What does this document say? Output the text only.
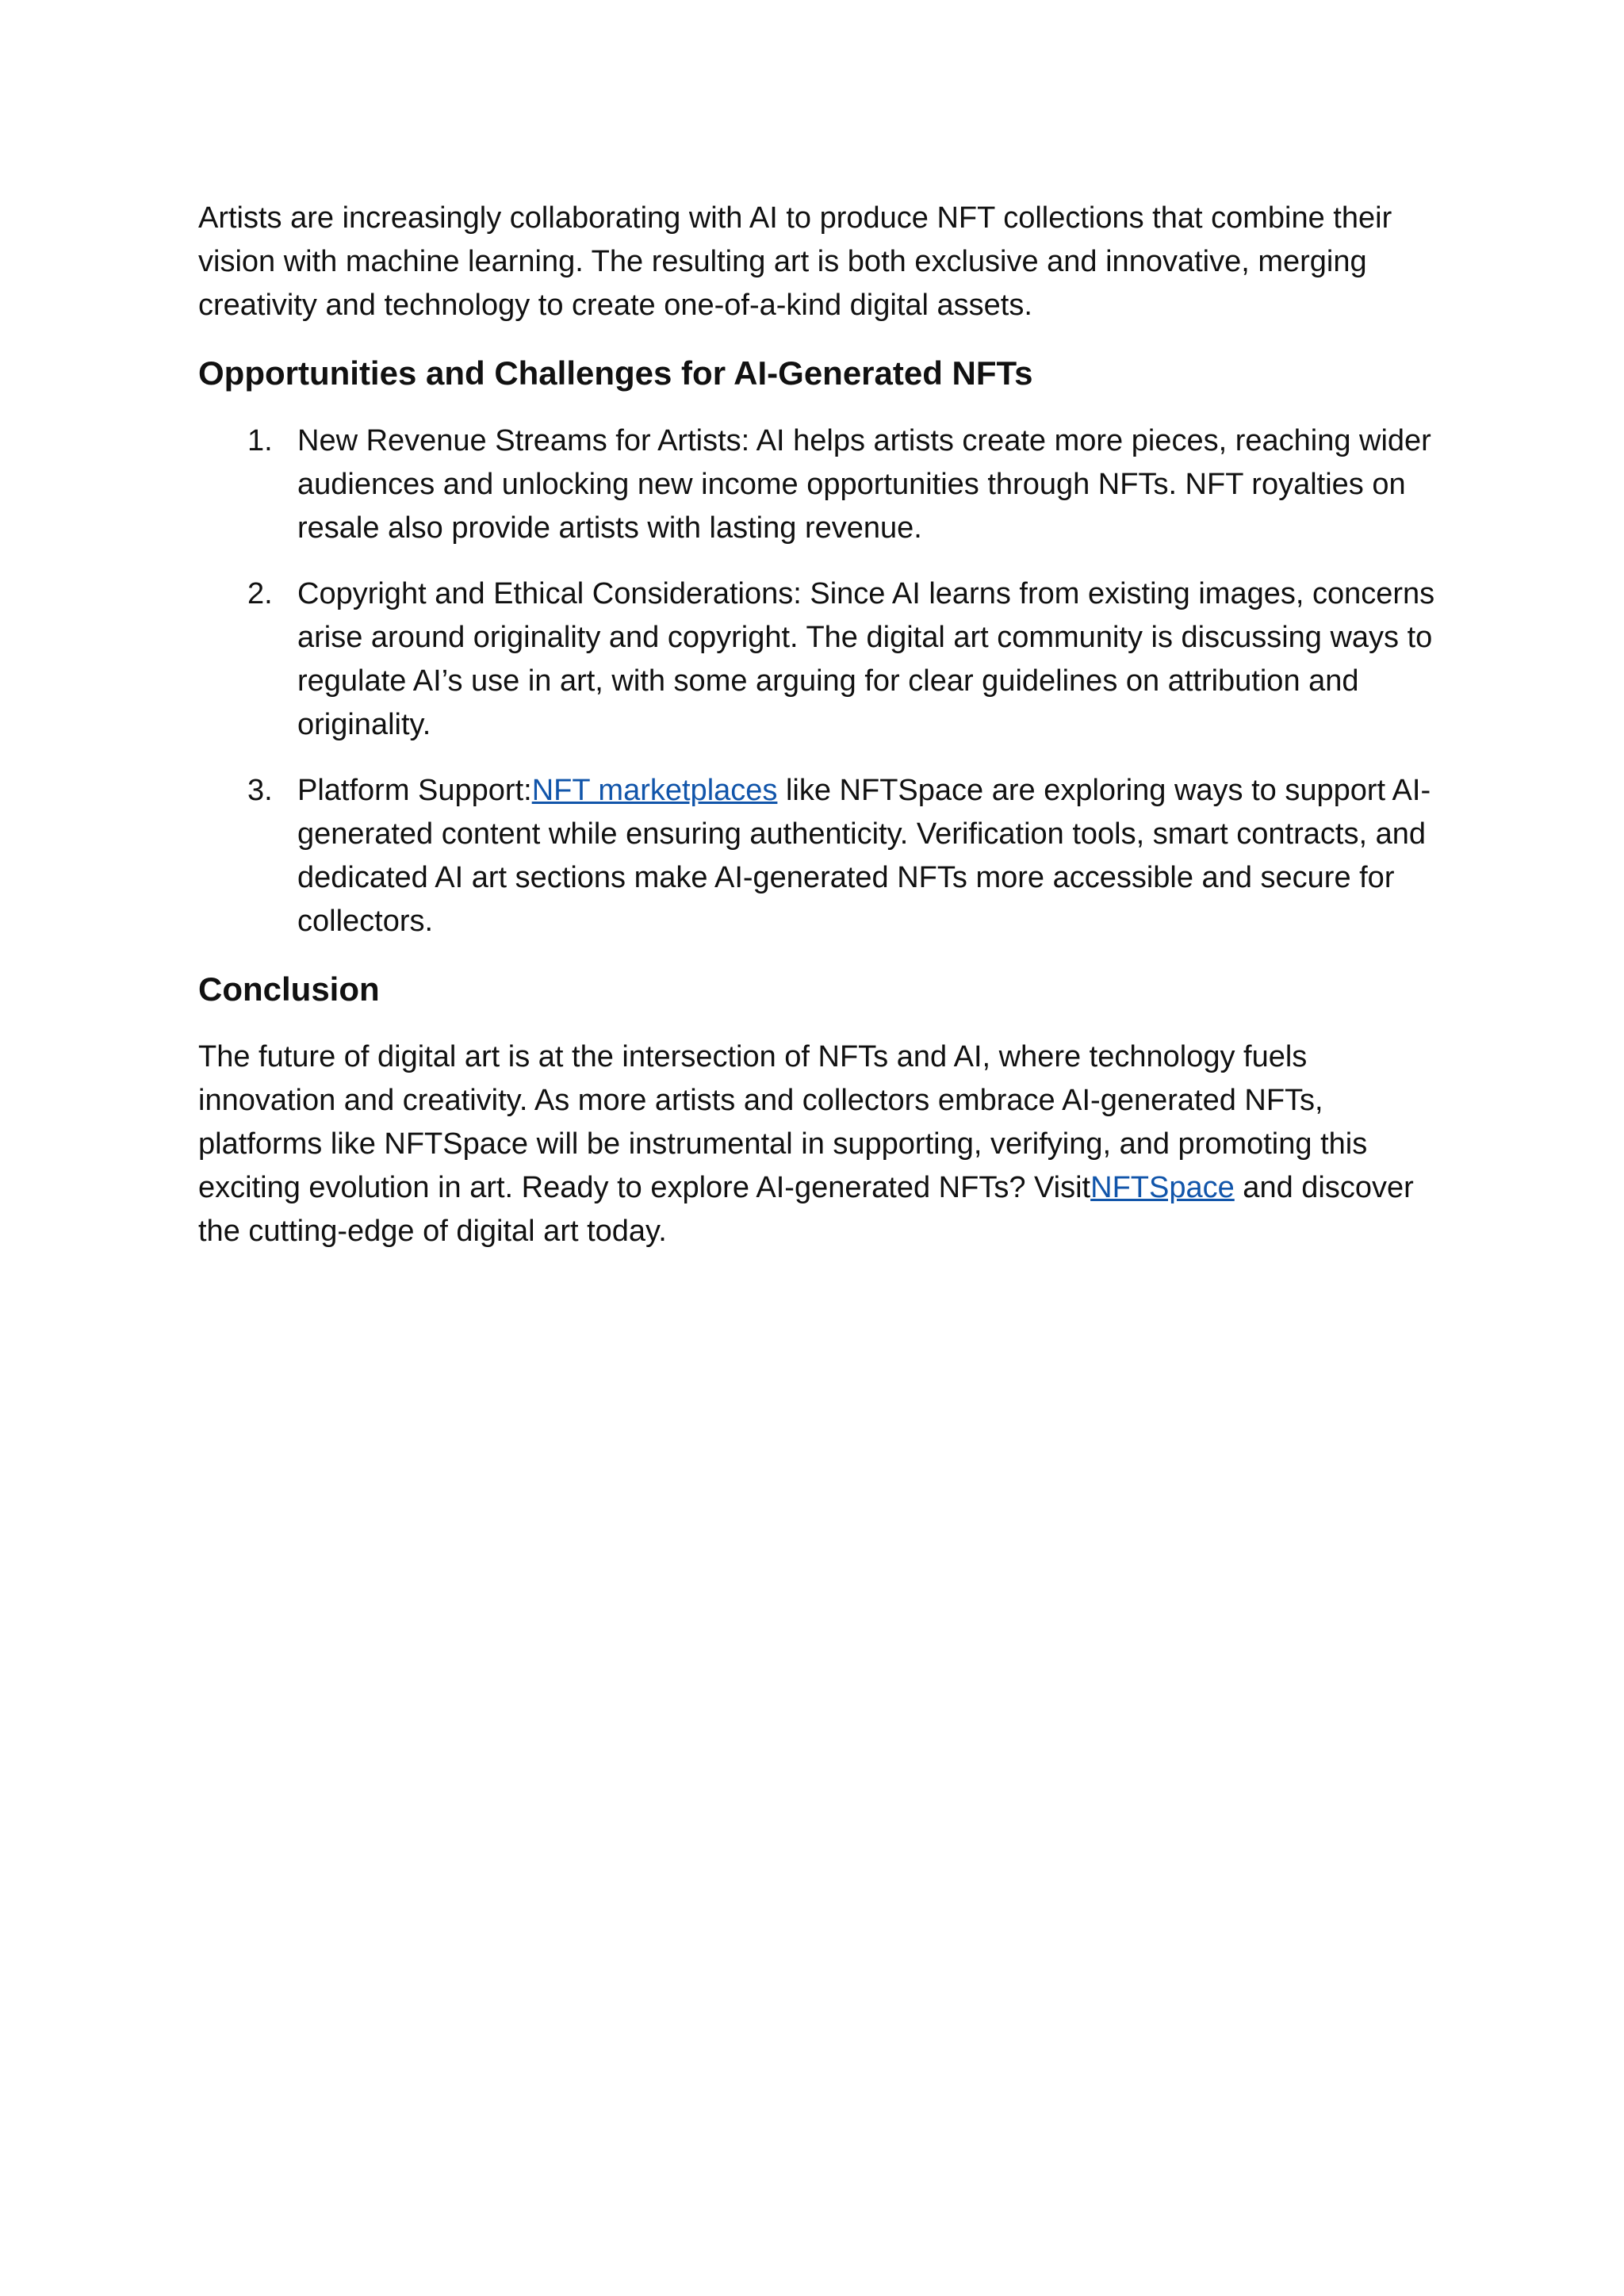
Artists are increasingly collaborating with AI to produce NFT collections that combine their vision with machine learning. The resulting art is both exclusive and innovative, merging creativity and technology to create one-of-a-kind digital assets.

Opportunities and Challenges for AI-Generated NFTs
1. New Revenue Streams for Artists: AI helps artists create more pieces, reaching wider audiences and unlocking new income opportunities through NFTs. NFT royalties on resale also provide artists with lasting revenue.
2. Copyright and Ethical Considerations: Since AI learns from existing images, concerns arise around originality and copyright. The digital art community is discussing ways to regulate AI’s use in art, with some arguing for clear guidelines on attribution and originality.
3. Platform Support:NFT marketplaces like NFTSpace are exploring ways to support AI-generated content while ensuring authenticity. Verification tools, smart contracts, and dedicated AI art sections make AI-generated NFTs more accessible and secure for collectors.
Conclusion

The future of digital art is at the intersection of NFTs and AI, where technology fuels innovation and creativity. As more artists and collectors embrace AI-generated NFTs, platforms like NFTSpace will be instrumental in supporting, verifying, and promoting this exciting evolution in art. Ready to explore AI-generated NFTs? VisitNFTSpace and discover the cutting-edge of digital art today.
